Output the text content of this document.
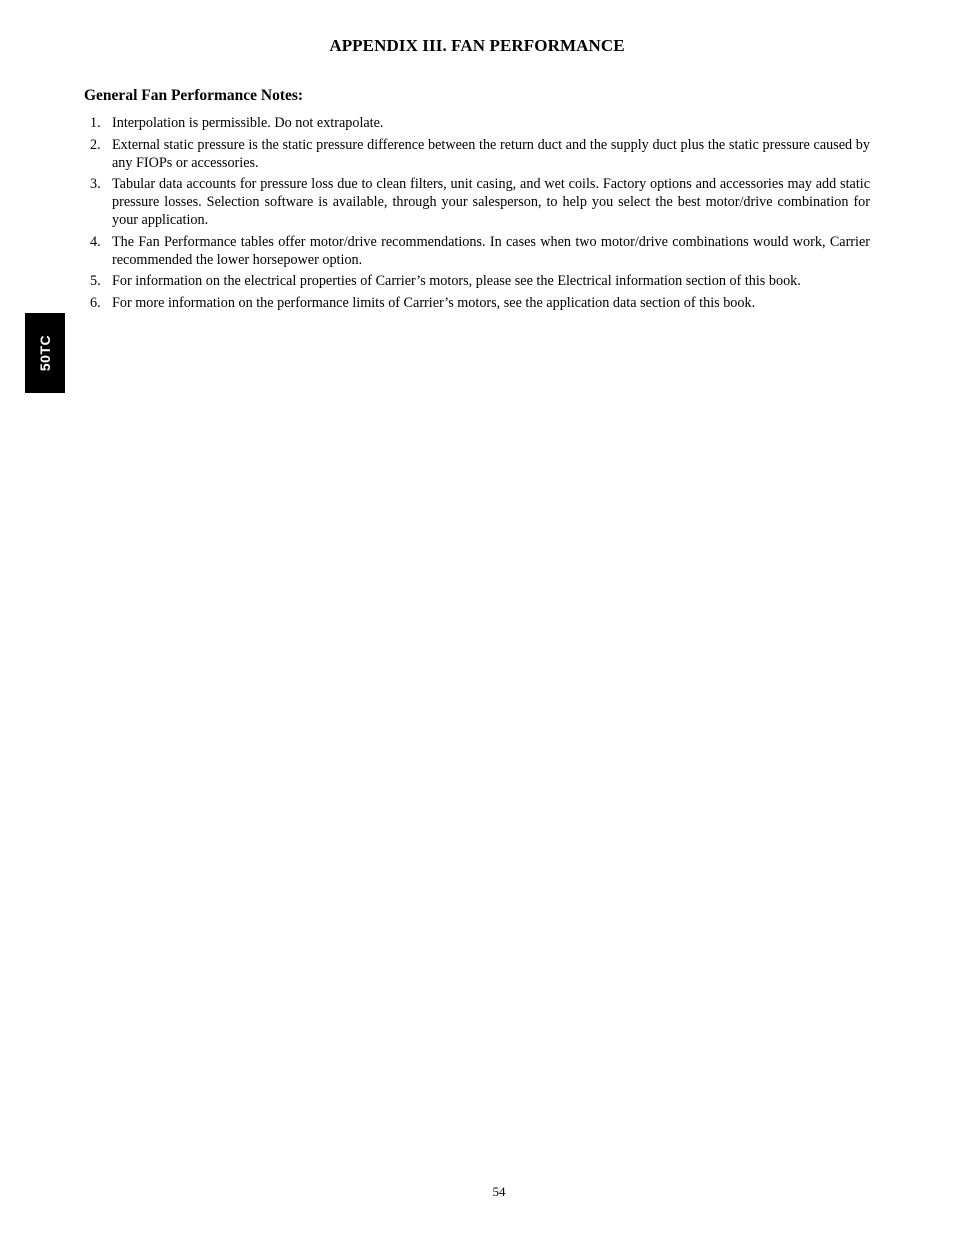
APPENDIX III. FAN PERFORMANCE
General Fan Performance Notes:
1. Interpolation is permissible. Do not extrapolate.
2. External static pressure is the static pressure difference between the return duct and the supply duct plus the static pressure caused by any FIOPs or accessories.
3. Tabular data accounts for pressure loss due to clean filters, unit casing, and wet coils. Factory options and accessories may add static pressure losses. Selection software is available, through your salesperson, to help you select the best motor/drive combination for your application.
4. The Fan Performance tables offer motor/drive recommendations. In cases when two motor/drive combinations would work, Carrier recommended the lower horsepower option.
5. For information on the electrical properties of Carrier’s motors, please see the Electrical information section of this book.
6. For more information on the performance limits of Carrier’s motors, see the application data section of this book.
50TC
54
